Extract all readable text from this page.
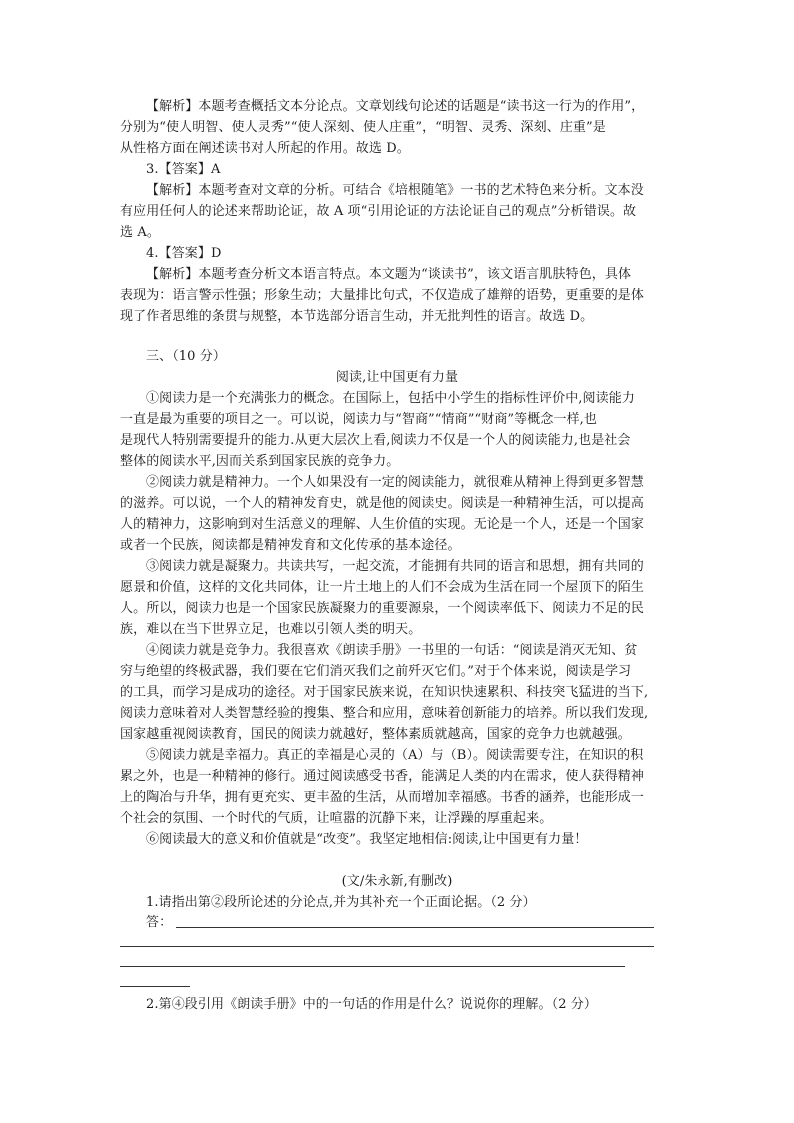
【解析】本题考查概括文本分论点。文章划线句论述的话题是“读书这一行为的作用”，
分别为“使人明智、使人灵秀”“使人深刻、使人庄重”，“明智、灵秀、深刻、庄重”是
从性格方面在阐述读书对人所起的作用。故选 D。
3.【答案】A
【解析】本题考查对文章的分析。可结合《培根随笔》一书的艺术特色来分析。文本没
有应用任何人的论述来帮助论证，故 A 项“引用论证的方法论证自己的观点”分析错误。故
选 A。
4.【答案】D
【解析】本题考查分析文本语言特点。本文题为“谈读书”，该文语言肌肤特色，具体
表现为：语言警示性强；形象生动；大量排比句式，不仅造成了雄辩的语势，更重要的是体
现了作者思维的条贯与规整，本节选部分语言生动，并无批判性的语言。故选 D。
三、（10 分）
阅读,让中国更有力量
①阅读力是一个充满张力的概念。在国际上，包括中小学生的指标性评价中,阅读能力
一直是最为重要的项目之一。可以说，阅读力与“智商”“情商”“财商”等概念一样,也
是现代人特别需要提升的能力.从更大层次上看,阅读力不仅是一个人的阅读能力,也是社会
整体的阅读水平,因而关系到国家民族的竞争力。
②阅读力就是精神力。一个人如果没有一定的阅读能力，就很难从精神上得到更多智慧
的滋养。可以说，一个人的精神发育史，就是他的阅读史。阅读是一种精神生活，可以提高
人的精神力，这影响到对生活意义的理解、人生价值的实现。无论是一个人，还是一个国家
或者一个民族，阅读都是精神发育和文化传承的基本途径。
③阅读力就是凝聚力。共读共写，一起交流，才能拥有共同的语言和思想，拥有共同的
愿景和价值，这样的文化共同体，让一片土地上的人们不会成为生活在同一个屋顶下的陌生
人。所以，阅读力也是一个国家民族凝聚力的重要源泉，一个阅读率低下、阅读力不足的民
族，难以在当下世界立足，也难以引领人类的明天。
④阅读力就是竞争力。我很喜欢《朗读手册》一书里的一句话：“阅读是消灭无知、贫
穷与绝望的终极武器，我们要在它们消灭我们之前歼灭它们。”对于个体来说，阅读是学习
的工具，而学习是成功的途径。对于国家民族来说，在知识快速累积、科技突飞猛进的当下,
阅读力意味着对人类智慧经验的搜集、整合和应用，意味着创新能力的培养。所以我们发现,
国家越重视阅读教育，国民的阅读力就越好，整体素质就越高，国家的竞争力也就越强。
⑤阅读力就是幸福力。真正的幸福是心灵的（A）与（B）。阅读需要专注，在知识的积
累之外，也是一种精神的修行。通过阅读感受书香，能满足人类的内在需求，使人获得精神
上的陶冶与升华，拥有更充实、更丰盈的生活，从而增加幸福感。书香的涵养，也能形成一
个社会的氛围、一个时代的气质，让喧嚣的沉静下来，让浮躁的厚重起来。
⑥阅读最大的意义和价值就是“改变”。我坚定地相信:阅读,让中国更有力量！
(文/朱永新,有删改)
1.请指出第②段所论述的分论点,并为其补充一个正面论据。（2 分）
答：
2.第④段引用《朗读手册》中的一句话的作用是什么？说说你的理解。（2 分）
